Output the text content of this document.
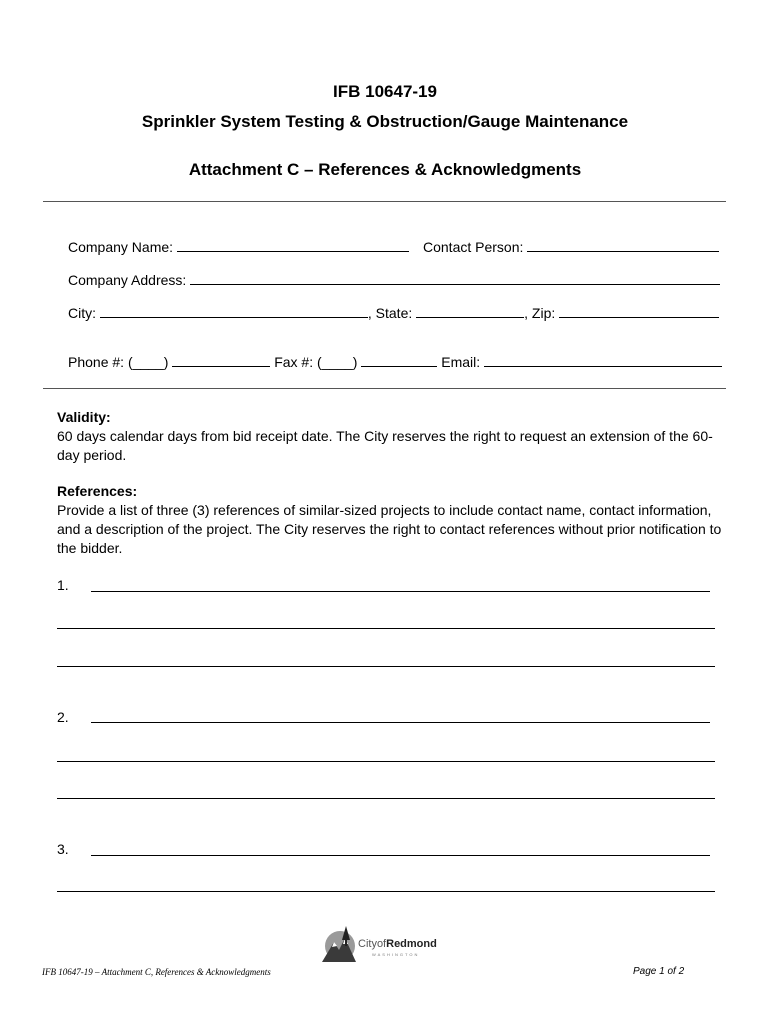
IFB 10647-19
Sprinkler System Testing & Obstruction/Gauge Maintenance
Attachment C – References & Acknowledgments
Company Name:	Contact Person:
Company Address:
City:	, State:	, Zip:
Phone #: (____)	Fax #: (____)	Email:
Validity:
60 days calendar days from bid receipt date. The City reserves the right to request an extension of the 60-day period.
References:
Provide a list of three (3) references of similar-sized projects to include contact name, contact information, and a description of the project. The City reserves the right to contact references without prior notification to the bidder.
1.
2.
3.
CityofRedmond
WASHINGTON
IFB 10647-19 – Attachment C, References & Acknowledgments	Page 1 of 2
